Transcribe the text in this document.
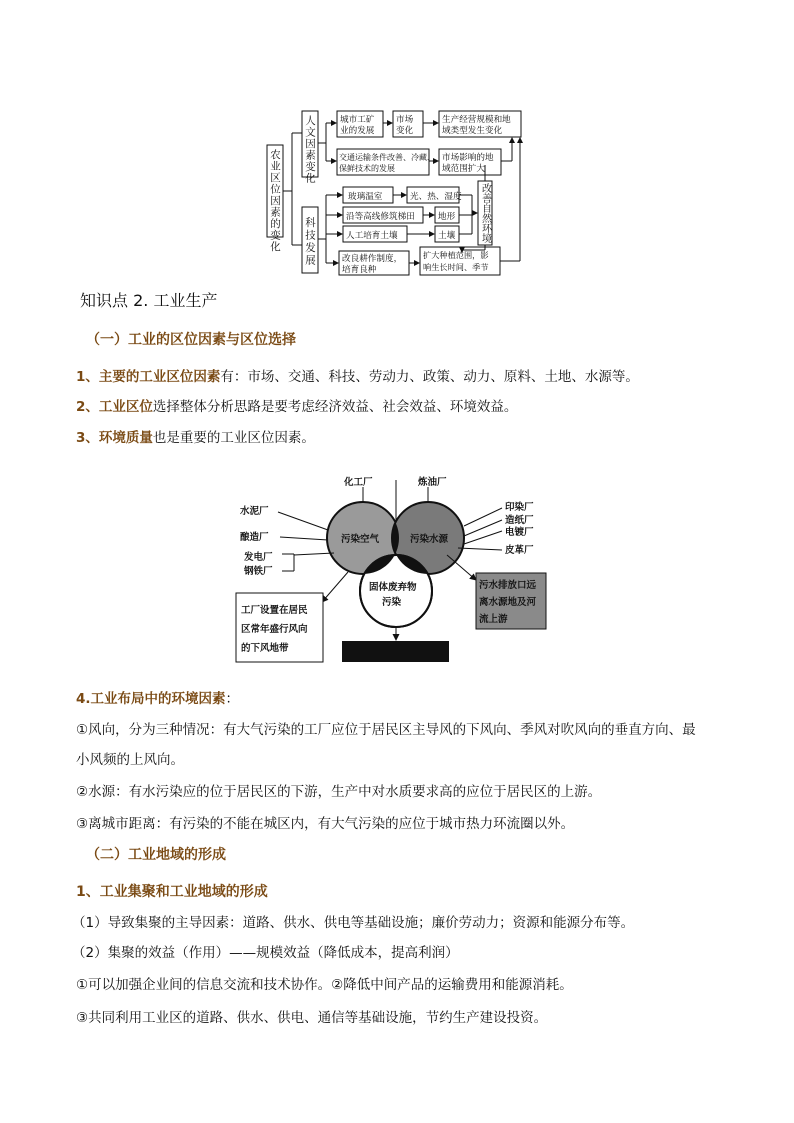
农业区位因素的变化 人文因素变化
科技发展	改善自然环境
城市工矿
业的发展
市场
变化
生产经营规模和地
域类型发生变化
交通运输条件改善、冷藏、
保鲜技术的发展
市场影响的地
域范围扩大
玻璃温室	光、热、湿度
沿等高线修筑梯田	地形
人工培育土壤	土壤
改良耕作制度，
培育良种
扩大种植范围，影
响生长时间、季节
知识点 2. 工业生产
（一）工业的区位因素与区位选择
1、主要的工业区位因素有：市场、交通、科技、劳动力、政策、动力、原料、土地、水源等。
2、工业区位选择整体分析思路是要考虑经济效益、社会效益、环境效益。
3、环境质量也是重要的工业区位因素。
化工厂	炼油厂
水泥厂
酿造厂
发电厂
钢铁厂
印染厂
造纸厂
电镀厂
皮革厂
污染空气	污染水源
固体废弃物
污染
工厂设置在居民
区常年盛行风向
的下风地带
污水排放口远
离水源地及河
流上游
4.工业布局中的环境因素：
①风向，分为三种情况：有大气污染的工厂应位于居民区主导风的下风向、季风对吹风向的垂直方向、最
小风频的上风向。
②水源：有水污染应的位于居民区的下游，生产中对水质要求高的应位于居民区的上游。
③离城市距离：有污染的不能在城区内，有大气污染的应位于城市热力环流圈以外。
（二）工业地域的形成
1、工业集聚和工业地域的形成
（1）导致集聚的主导因素：道路、供水、供电等基础设施；廉价劳动力；资源和能源分布等。
（2）集聚的效益（作用）——规模效益（降低成本，提高利润）
①可以加强企业间的信息交流和技术协作。②降低中间产品的运输费用和能源消耗。
③共同利用工业区的道路、供水、供电、通信等基础设施，节约生产建设投资。
